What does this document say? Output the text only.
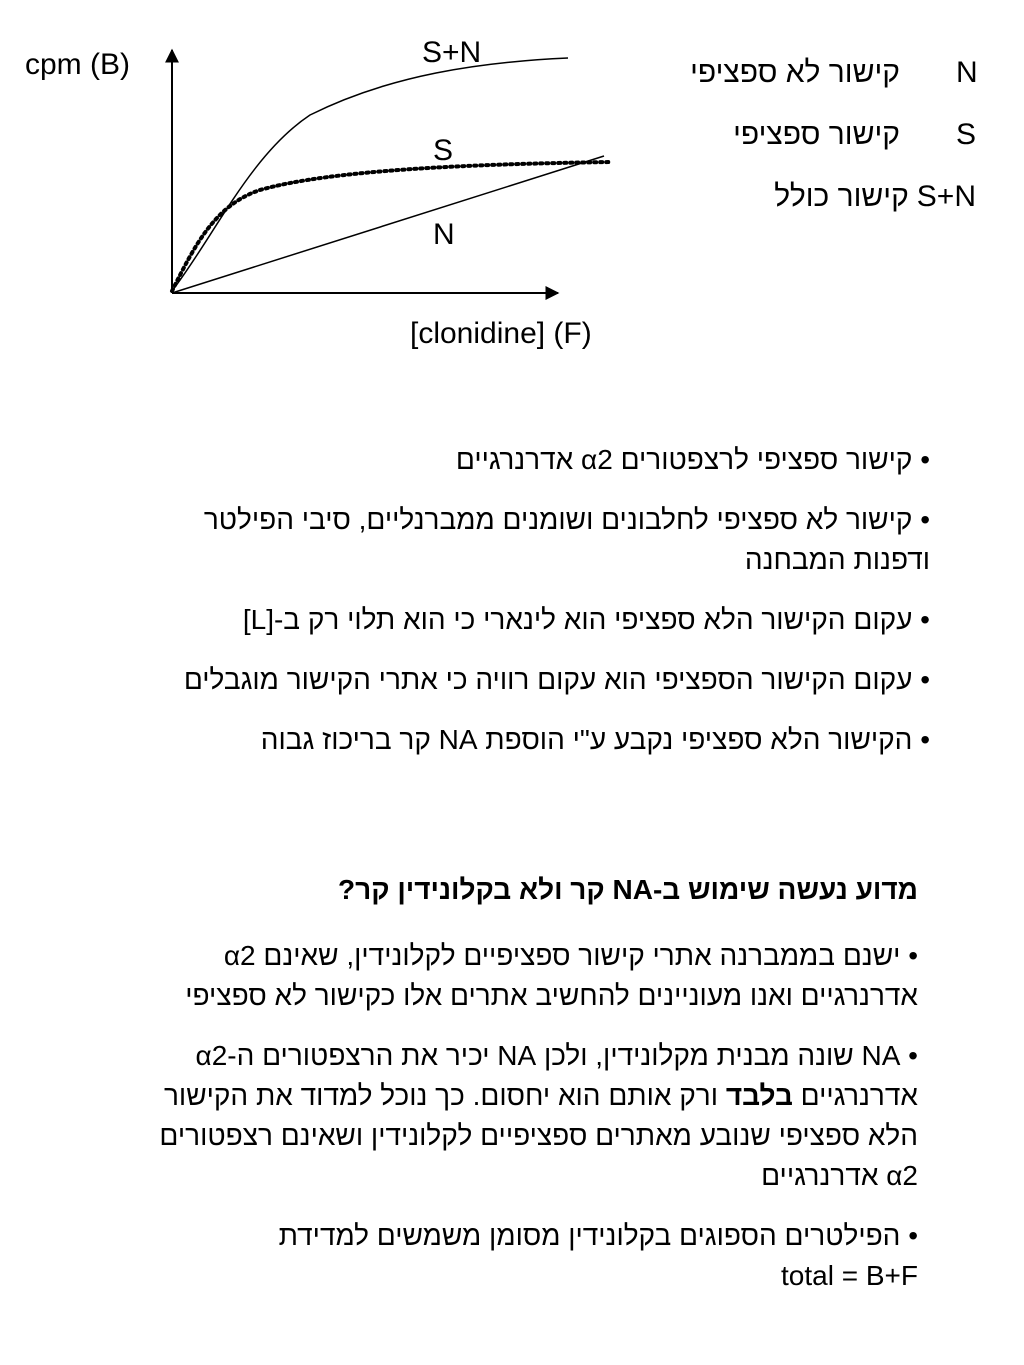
cpm (B)
[clonidine] (F)
S+N
S
N
קישור לא ספציפי N
קישור ספציפי S
קישור כולל S+N

• קישור ספציפי לרצפטורים α2 אדרנרגיים

• קישור לא ספציפי לחלבונים ושומנים ממברנליים, סיבי הפילטר ודפנות המבחנה

• עקום הקישור הלא ספציפי הוא לינארי כי הוא תלוי רק ב-[L]

• עקום הקישור הספציפי הוא עקום רוויה כי אתרי הקישור מוגבלים

• הקישור הלא ספציפי נקבע ע"י הוספת NA קר בריכוז גבוה

מדוע נעשה שימוש ב-NA קר ולא בקלונידין קר?

• ישנם בממברנה אתרי קישור ספציפיים לקלונידין, שאינם α2 אדרנרגיים ואנו מעוניינים להחשיב אתרים אלו כקישור לא ספציפי

• NA שונה מבנית מקלונידין, ולכן NA יכיר את הרצפטורים ה-α2 אדרנרגיים בלבד ורק אותם הוא יחסום. כך נוכל למדוד את הקישור הלא ספציפי שנובע מאתרים ספציפיים לקלונידין ושאינם רצפטורים α2 אדרנרגיים

• הפילטרים הספוגים בקלונידין מסומן משמשים למדידת
total = B+F
